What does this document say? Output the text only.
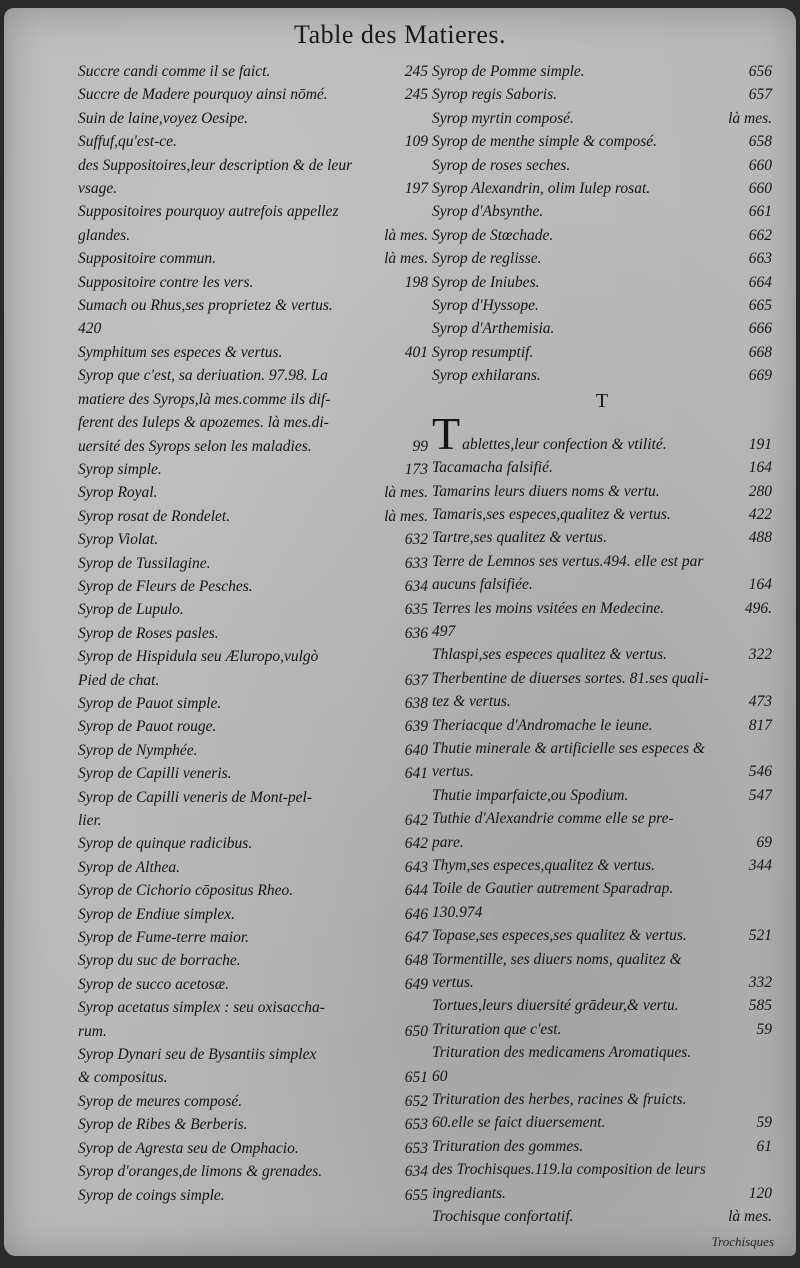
Table des Matieres.
Succre candi comme il se faict.	245
Succre de Madere pourquoy ainsi nōmé.	245
Suin de laine,voyez Oesipe.
Suffuf,qu'est-ce.	109
des Suppositoires,leur description & de leur
vsage.	197
Suppositoires pourquoy autrefois appellez
glandes.	là mes.
Suppositoire commun.	là mes.
Suppositoire contre les vers.	198
Sumach ou Rhus,ses proprietez & vertus.
420
Symphitum ses especes & vertus.	401
Syrop que c'est, sa deriuation. 97.98. La
matiere des Syrops,là mes.comme ils dif-
ferent des Iuleps & apozemes. là mes.di-
uersité des Syrops selon les maladies.	99
Syrop simple.	173
Syrop Royal.	là mes.
Syrop rosat de Rondelet.	là mes.
Syrop Violat.	632
Syrop de Tussilagine.	633
Syrop de Fleurs de Pesches.	634
Syrop de Lupulo.	635
Syrop de Roses pasles.	636
Syrop de Hispidula seu Æluropo,vulgò
Pied de chat.	637
Syrop de Pauot simple.	638
Syrop de Pauot rouge.	639
Syrop de Nymphée.	640
Syrop de Capilli veneris.	641
Syrop de Capilli veneris de Mont-pel-
lier.	642
Syrop de quinque radicibus.	642
Syrop de Althea.	643
Syrop de Cichorio cōpositus Rheo.	644
Syrop de Endiue simplex.	646
Syrop de Fume-terre maior.	647
Syrop du suc de borrache.	648
Syrop de succo acetosæ.	649
Syrop acetatus simplex : seu oxisaccha-
rum.	650
Syrop Dynari seu de Bysantiis simplex
& compositus.	651
Syrop de meures composé.	652
Syrop de Ribes & Berberis.	653
Syrop de Agresta seu de Omphacio.	653
Syrop d'oranges,de limons & grenades.	634
Syrop de coings simple.	655
Syrop de Pomme simple.	656
Syrop regis Saboris.	657
Syrop myrtin composé.	là mes.
Syrop de menthe simple & composé.	658
Syrop de roses seches.	660
Syrop Alexandrin, olim Iulep rosat.	660
Syrop d'Absynthe.	661
Syrop de Stœchade.	662
Syrop de reglisse.	663
Syrop de Iniubes.	664
Syrop d'Hyssope.	665
Syrop d'Arthemisia.	666
Syrop resumptif.	668
Syrop exhilarans.	669
T
T ablettes,leur confection & vtilité.	191
Tacamacha falsifié.	164
Tamarins leurs diuers noms & vertu.	280
Tamaris,ses especes,qualitez & vertus.	422
Tartre,ses qualitez & vertus.	488
Terre de Lemnos ses vertus.494. elle est par
aucuns falsifiée.	164
Terres les moins vsitées en Medecine.	496.
497
Thlaspi,ses especes qualitez & vertus.	322
Therbentine de diuerses sortes. 81.ses quali-
tez & vertus.	473
Theriacque d'Andromache le ieune.	817
Thutie minerale & artificielle ses especes &
vertus.	546
Thutie imparfaicte,ou Spodium.	547
Tuthie d'Alexandrie comme elle se pre-
pare.	69
Thym,ses especes,qualitez & vertus.	344
Toile de Gautier autrement Sparadrap.
130.974
Topase,ses especes,ses qualitez & vertus.	521
Tormentille, ses diuers noms, qualitez &
vertus.	332
Tortues,leurs diuersité grādeur,& vertu.	585
Trituration que c'est.	59
Trituration des medicamens Aromatiques.
60
Trituration des herbes, racines & fruicts.
60.elle se faict diuersement.	59
Trituration des gommes.	61
des Trochisques.119.la composition de leurs
ingrediants.	120
Trochisque confortatif.	là mes.
Trochisques
